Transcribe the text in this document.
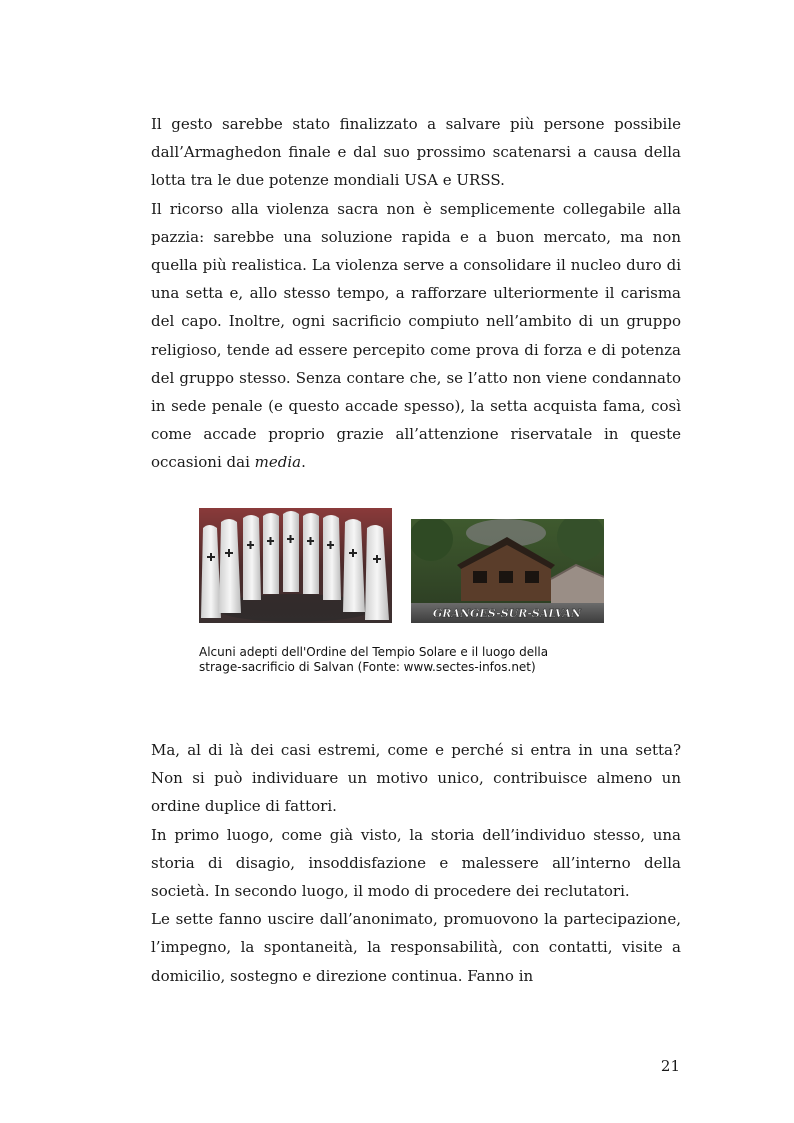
Il gesto sarebbe stato finalizzato a salvare più persone possibile dall’Armaghedon finale e dal suo prossimo scatenarsi a causa della lotta tra le due potenze mondiali USA e URSS.

Il ricorso alla violenza sacra non è semplicemente collegabile alla pazzia: sarebbe una soluzione rapida e a buon mercato, ma non quella più realistica. La violenza serve a consolidare il nucleo duro di una setta e, allo stesso tempo, a rafforzare ulteriormente il carisma del capo. Inoltre, ogni sacrificio compiuto nell’ambito di un gruppo religioso, tende ad essere percepito come prova di forza e di potenza del gruppo stesso. Senza contare che, se l’atto non viene condannato in sede penale (e questo accade spesso), la setta acquista fama, così come accade proprio grazie all’attenzione riservatale in queste occasioni dai media.

GRANGES-SUR-SALVAN
Alcuni adepti dell'Ordine del Tempio Solare e il luogo della
strage-sacrificio di Salvan (Fonte: www.sectes-infos.net)

Ma, al di là dei casi estremi, come e perché si entra in una setta? Non si può individuare un motivo unico, contribuisce almeno un ordine duplice di fattori.

In primo luogo, come già visto, la storia dell’individuo stesso, una storia di disagio, insoddisfazione e malessere all’interno della società. In secondo luogo, il modo di procedere dei reclutatori.

Le sette fanno uscire dall’anonimato, promuovono la partecipazione, l’impegno, la spontaneità, la responsabilità, con contatti, visite a domicilio, sostegno e direzione continua. Fanno in

21
